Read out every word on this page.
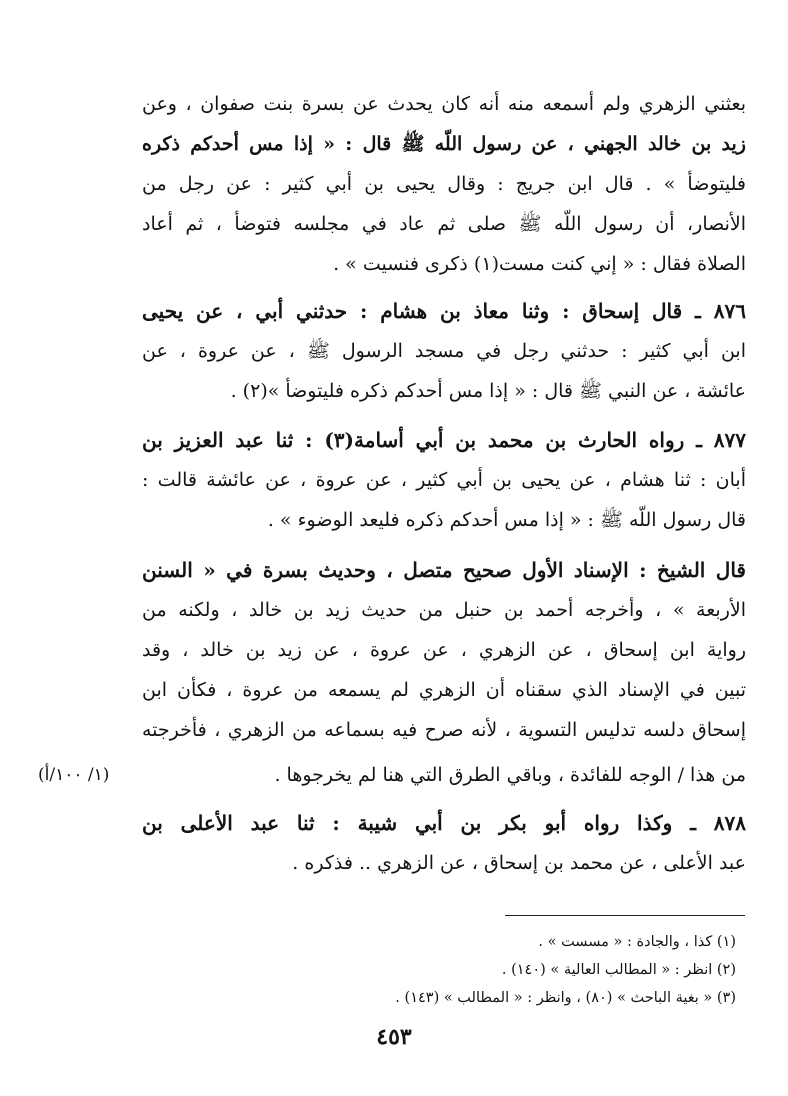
بعثني الزهري ولم أسمعه منه أنه كان يحدث عن بسرة بنت صفوان ، وعن
زيد بن خالد الجهني ، عن رسول اللّه ﷺ قال : « إذا مس أحدكم ذكره
فليتوضأ » . قال ابن جريج : وقال يحيى بن أبي كثير : عن رجل من
الأنصار، أن رسول اللّه ﷺ صلى ثم عاد في مجلسه فتوضأ ، ثم أعاد
الصلاة فقال : « إني كنت مست(١) ذكرى فنسيت » .
٨٧٦ ـ قال إسحاق : وثنا معاذ بن هشام : حدثني أبي ، عن يحيى
ابن أبي كثير : حدثني رجل في مسجد الرسول ﷺ ، عن عروة ، عن
عائشة ، عن النبي ﷺ قال : « إذا مس أحدكم ذكره فليتوضأ »(٢) .
٨٧٧ ـ رواه الحارث بن محمد بن أبي أسامة(٣) : ثنا عبد العزيز بن
أبان : ثنا هشام ، عن يحيى بن أبي كثير ، عن عروة ، عن عائشة قالت :
قال رسول اللّه ﷺ : « إذا مس أحدكم ذكره فليعد الوضوء » .
قال الشيخ : الإسناد الأول صحيح متصل ، وحديث بسرة في « السنن
الأربعة » ، وأخرجه أحمد بن حنبل من حديث زيد بن خالد ، ولكنه من
رواية ابن إسحاق ، عن الزهري ، عن عروة ، عن زيد بن خالد ، وقد
تبين في الإسناد الذي سقناه أن الزهري لم يسمعه من عروة ، فكأن ابن
إسحاق دلسه تدليس التسوية ، لأنه صرح فيه بسماعه من الزهري ، فأخرجته
من هذا / الوجه للفائدة ، وباقي الطرق التي هنا لم يخرجوها .
٨٧٨ ـ وكذا رواه أبو بكر بن أبي شيبة : ثنا عبد الأعلى بن
عبد الأعلى ، عن محمد بن إسحاق ، عن الزهري .. فذكره .
(١/ ١٠٠/أ)
(١) كذا ، والجادة : « مسست » .
(٢) انظر : « المطالب العالية » (١٤٠) .
(٣) « بغية الباحث » (٨٠) ، وانظر : « المطالب » (١٤٣) .
٤٥٣
